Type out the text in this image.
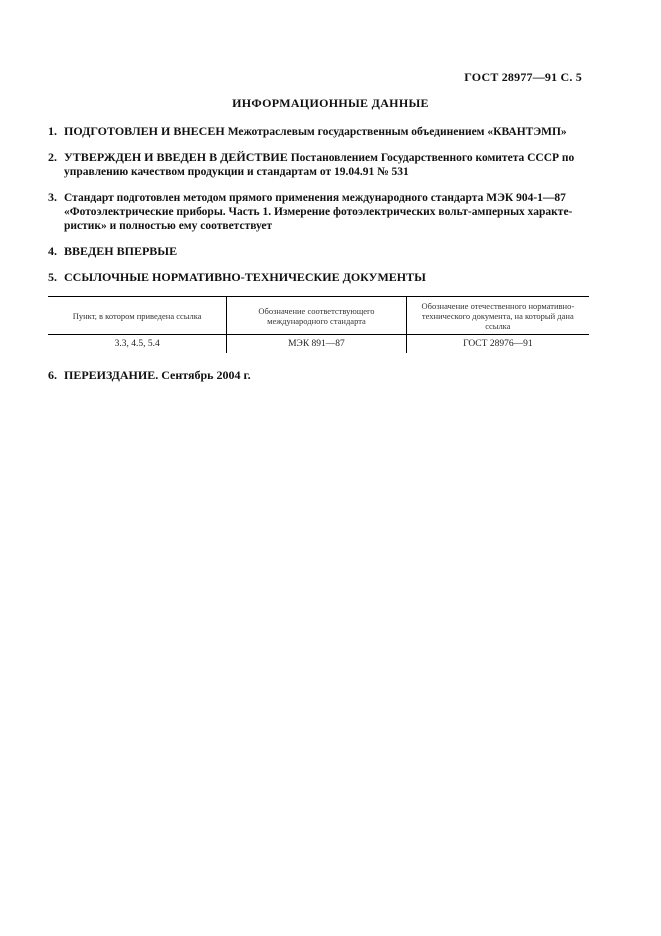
ГОСТ 28977—91 С. 5
ИНФОРМАЦИОННЫЕ ДАННЫЕ
1. ПОДГОТОВЛЕН И ВНЕСЕН Межотраслевым государственным объединением «КВАНТЭМП»
2. УТВЕРЖДЕН И ВВЕДЕН В ДЕЙСТВИЕ Постановлением Государственного комитета СССР по
управлению качеством продукции и стандартам от 19.04.91 № 531
3. Стандарт подготовлен методом прямого применения международного стандарта МЭК 904-1—87
«Фотоэлектрические приборы. Часть 1. Измерение фотоэлектрических вольт-амперных характе-
ристик» и полностью ему соответствует
4. ВВЕДЕН ВПЕРВЫЕ
5. ССЫЛОЧНЫЕ НОРМАТИВНО-ТЕХНИЧЕСКИЕ ДОКУМЕНТЫ
Пункт, в котором приведена ссылка	Обозначение соответствующего международного стандарта	Обозначение отечественного нормативно-технического документа, на который дана ссылка
3.3, 4.5, 5.4	МЭК 891—87	ГОСТ 28976—91
6. ПЕРЕИЗДАНИЕ. Сентябрь 2004 г.
